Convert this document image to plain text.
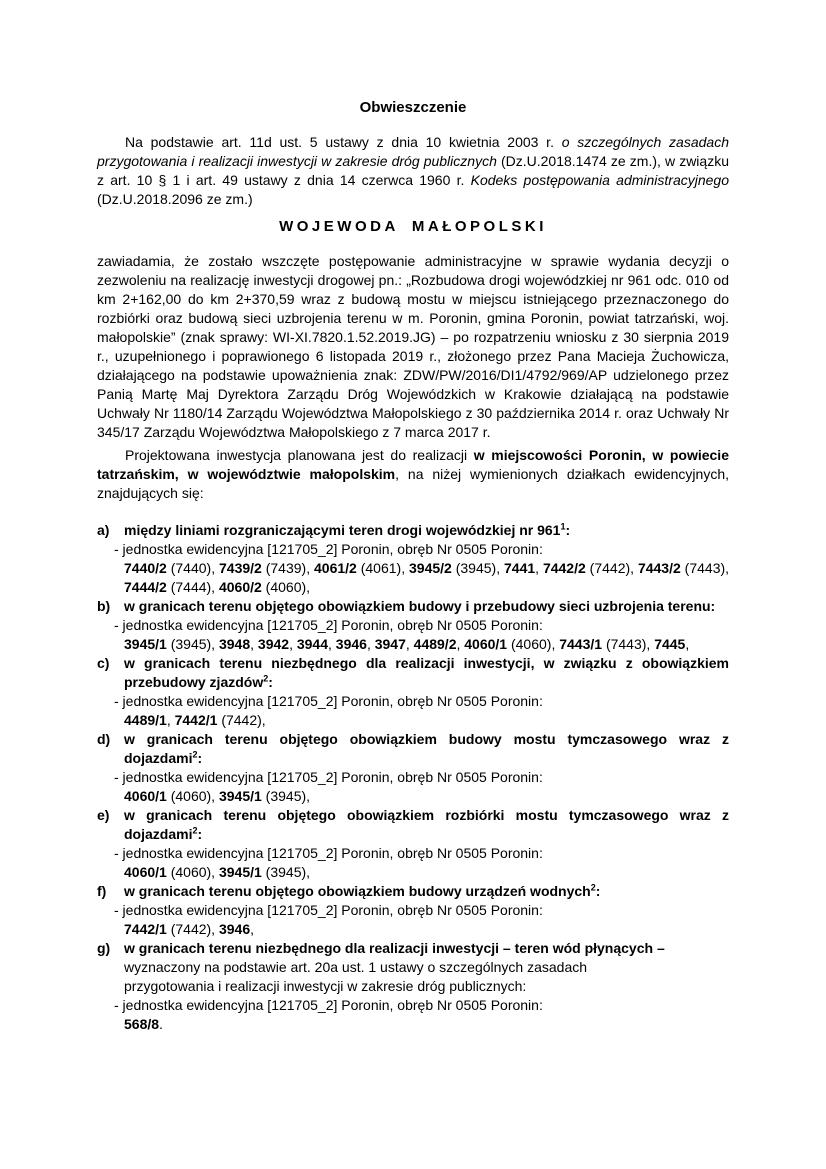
Obwieszczenie

Na podstawie art. 11d ust. 5 ustawy z dnia 10 kwietnia 2003 r. o szczególnych zasadach przygotowania i realizacji inwestycji w zakresie dróg publicznych (Dz.U.2018.1474 ze zm.), w związku z art. 10 § 1 i art. 49 ustawy z dnia 14 czerwca 1960 r. Kodeks postępowania administracyjnego (Dz.U.2018.2096 ze zm.)

WOJEWODA MAŁOPOLSKI

zawiadamia, że zostało wszczęte postępowanie administracyjne w sprawie wydania decyzji o zezwoleniu na realizację inwestycji drogowej pn.: „Rozbudowa drogi wojewódzkiej nr 961 odc. 010 od km 2+162,00 do km 2+370,59 wraz z budową mostu w miejscu istniejącego przeznaczonego do rozbiórki oraz budową sieci uzbrojenia terenu w m. Poronin, gmina Poronin, powiat tatrzański, woj. małopolskie” (znak sprawy: WI-XI.7820.1.52.2019.JG) – po rozpatrzeniu wniosku z 30 sierpnia 2019 r., uzupełnionego i poprawionego 6 listopada 2019 r., złożonego przez Pana Macieja Żuchowicza, działającego na podstawie upoważnienia znak: ZDW/PW/2016/DI1/4792/969/AP udzielonego przez Panią Martę Maj Dyrektora Zarządu Dróg Wojewódzkich w Krakowie działającą na podstawie Uchwały Nr 1180/14 Zarządu Województwa Małopolskiego z 30 października 2014 r. oraz Uchwały Nr 345/17 Zarządu Województwa Małopolskiego z 7 marca 2017 r.

Projektowana inwestycja planowana jest do realizacji w miejscowości Poronin, w powiecie tatrzańskim, w województwie małopolskim, na niżej wymienionych działkach ewidencyjnych, znajdujących się:

a) między liniami rozgraniczającymi teren drogi wojewódzkiej nr $961^1$:
- jednostka ewidencyjna [121705_2] Poronin, obręb Nr 0505 Poronin:
7440/2 (7440), 7439/2 (7439), 4061/2 (4061), 3945/2 (3945), 7441, 7442/2 (7442), 7443/2 (7443), 7444/2 (7444), 4060/2 (4060),
b) w granicach terenu objętego obowiązkiem budowy i przebudowy sieci uzbrojenia terenu:
- jednostka ewidencyjna [121705_2] Poronin, obręb Nr 0505 Poronin:
3945/1 (3945), 3948, 3942, 3944, 3946, 3947, 4489/2, 4060/1 (4060), 7443/1 (7443), 7445,
c) w granicach terenu niezbędnego dla realizacji inwestycji, w związku z obowiązkiem przebudowy zjazdów$^2$:
- jednostka ewidencyjna [121705_2] Poronin, obręb Nr 0505 Poronin:
4489/1, 7442/1 (7442),
d) w granicach terenu objętego obowiązkiem budowy mostu tymczasowego wraz z dojazdami$^2$:
- jednostka ewidencyjna [121705_2] Poronin, obręb Nr 0505 Poronin:
4060/1 (4060), 3945/1 (3945),
e) w granicach terenu objętego obowiązkiem rozbiórki mostu tymczasowego wraz z dojazdami$^2$:
- jednostka ewidencyjna [121705_2] Poronin, obręb Nr 0505 Poronin:
4060/1 (4060), 3945/1 (3945),
f) w granicach terenu objętego obowiązkiem budowy urządzeń wodnych$^2$:
- jednostka ewidencyjna [121705_2] Poronin, obręb Nr 0505 Poronin:
7442/1 (7442), 3946,
g) w granicach terenu niezbędnego dla realizacji inwestycji – teren wód płynących –
wyznaczony na podstawie art. 20a ust. 1 ustawy o szczególnych zasadach
przygotowania i realizacji inwestycji w zakresie dróg publicznych:
- jednostka ewidencyjna [121705_2] Poronin, obręb Nr 0505 Poronin:
568/8.
